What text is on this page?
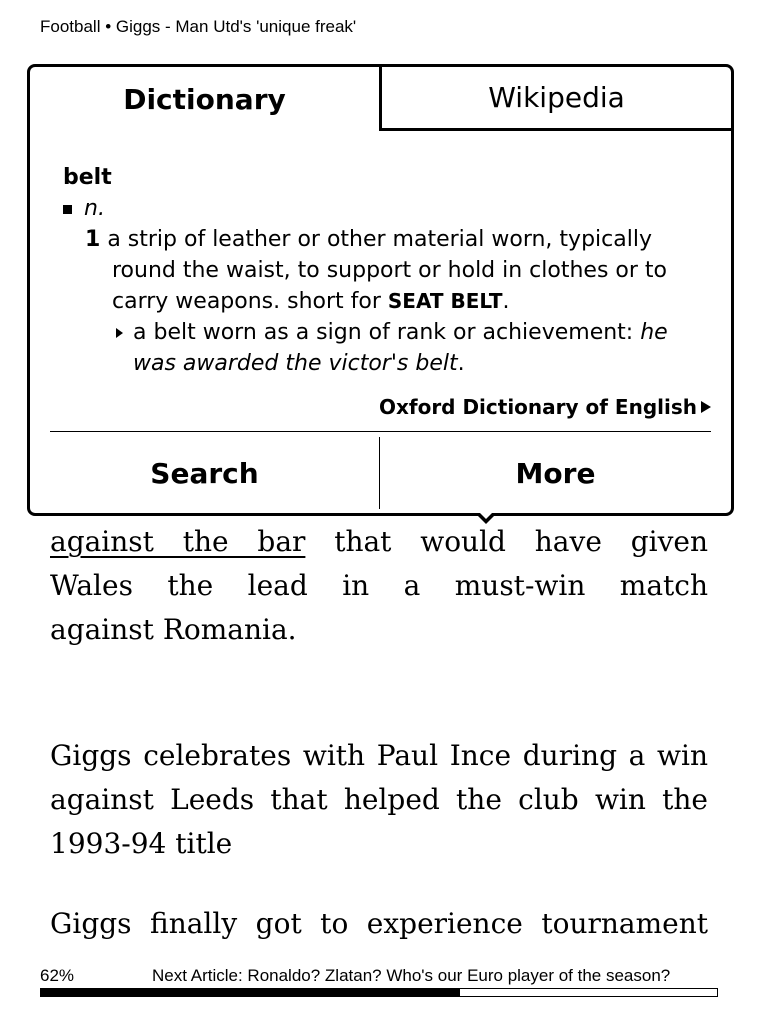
Football • Giggs - Man Utd's 'unique freak'

against the bar that would have given
Wales the lead in a must-win match

against Romania.

Giggs celebrates with Paul Ince during a win against Leeds that helped the club win the 1993-94 title

Giggs finally got to experience tournament

Dictionary	Wikipedia
belt
n.
1 a strip of leather or other material worn, typically round the waist, to support or hold in clothes or to carry weapons. short for SEAT BELT.
a belt worn as a sign of rank or achievement: he was awarded the victor's belt.
Oxford Dictionary of English
Search	More
62%	Next Article: Ronaldo? Zlatan? Who's our Euro player of the season?
